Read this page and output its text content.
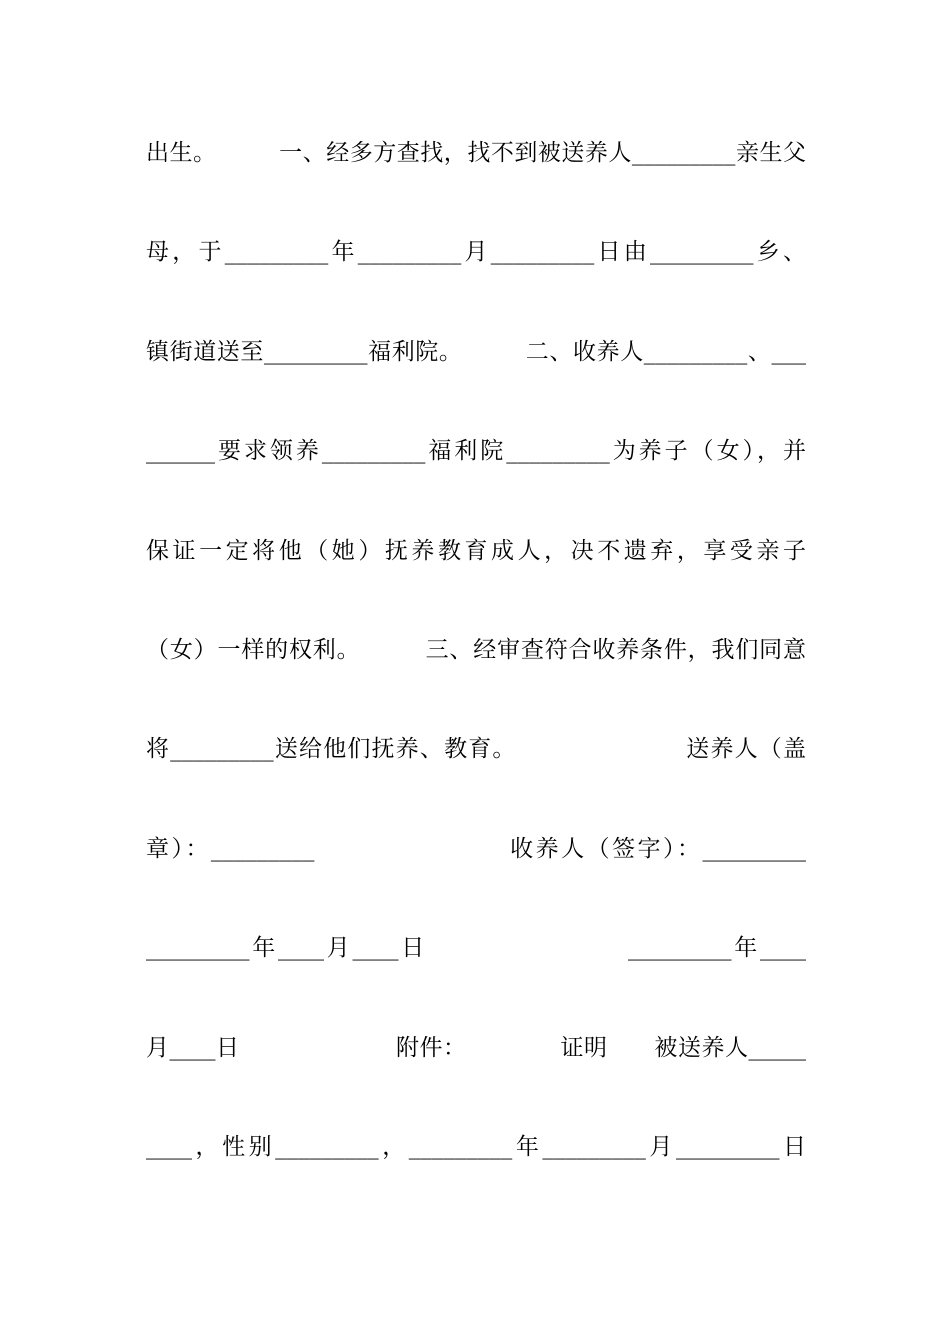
出生。        一、经多方查找，找不到被送养人_________亲生父
母，于_________年_________月_________日由_________乡、
镇街道送至_________福利院。        二、收养人_________、___
______要求领养_________福利院_________为养子（女），并
保证一定将他（她）抚养教育成人，决不遗弃，享受亲子
（女）一样的权利。        三、经审查符合收养条件，我们同意
将_________送给他们抚养、教育。                    送养人（盖
章）：_________                    收养人（签字）：_________
_________年____月____日                    _________年____
月____日                    附件：            证明      被送养人_____
____，性别_________，_________年_________月_________日
